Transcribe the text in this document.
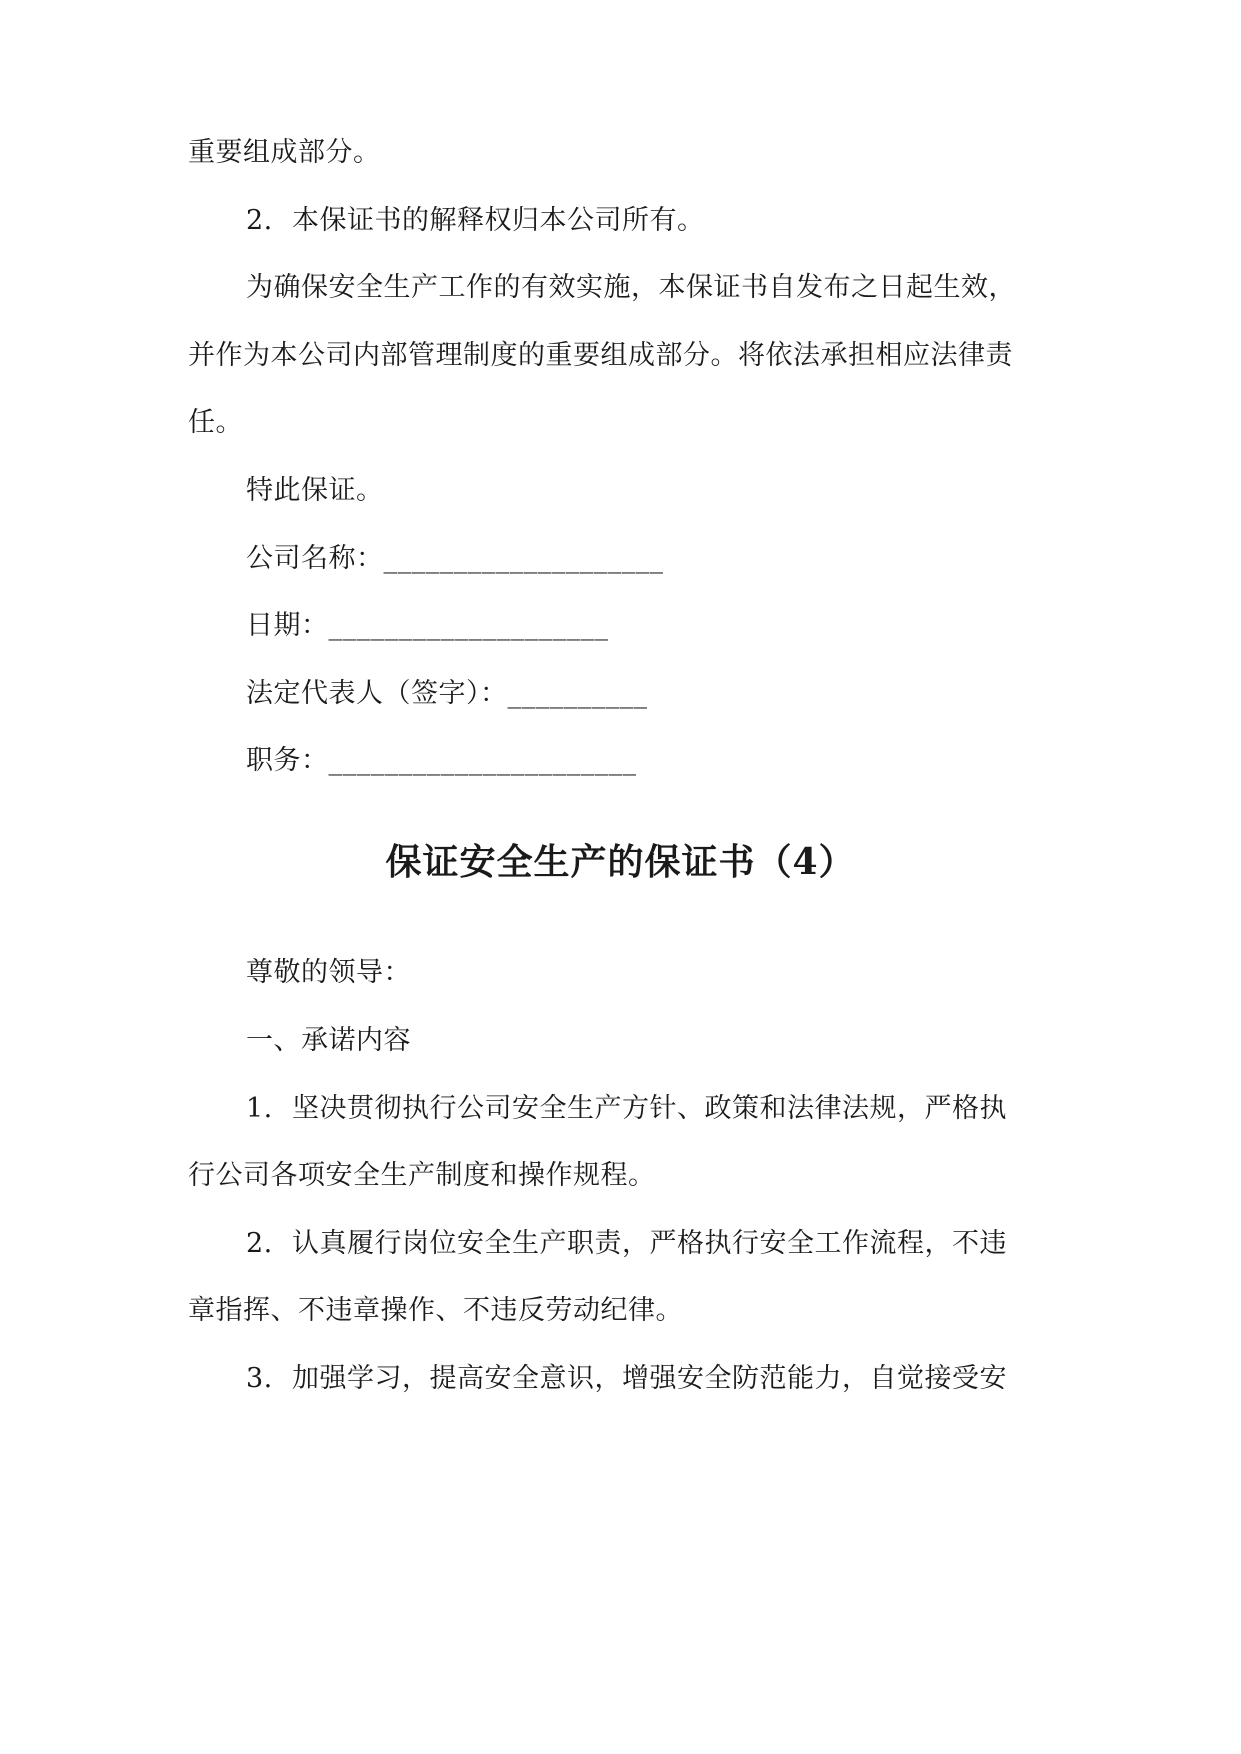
重要组成部分。
2. 本保证书的解释权归本公司所有。
为确保安全生产工作的有效实施，本保证书自发布之日起生效，
并作为本公司内部管理制度的重要组成部分。将依法承担相应法律责
任。
特此保证。
公司名称：____________________
日期：____________________
法定代表人（签字）：__________
职务：______________________
保证安全生产的保证书（4）
尊敬的领导：
一、承诺内容
1. 坚决贯彻执行公司安全生产方针、政策和法律法规，严格执
行公司各项安全生产制度和操作规程。
2. 认真履行岗位安全生产职责，严格执行安全工作流程，不违
章指挥、不违章操作、不违反劳动纪律。
3. 加强学习，提高安全意识，增强安全防范能力，自觉接受安
